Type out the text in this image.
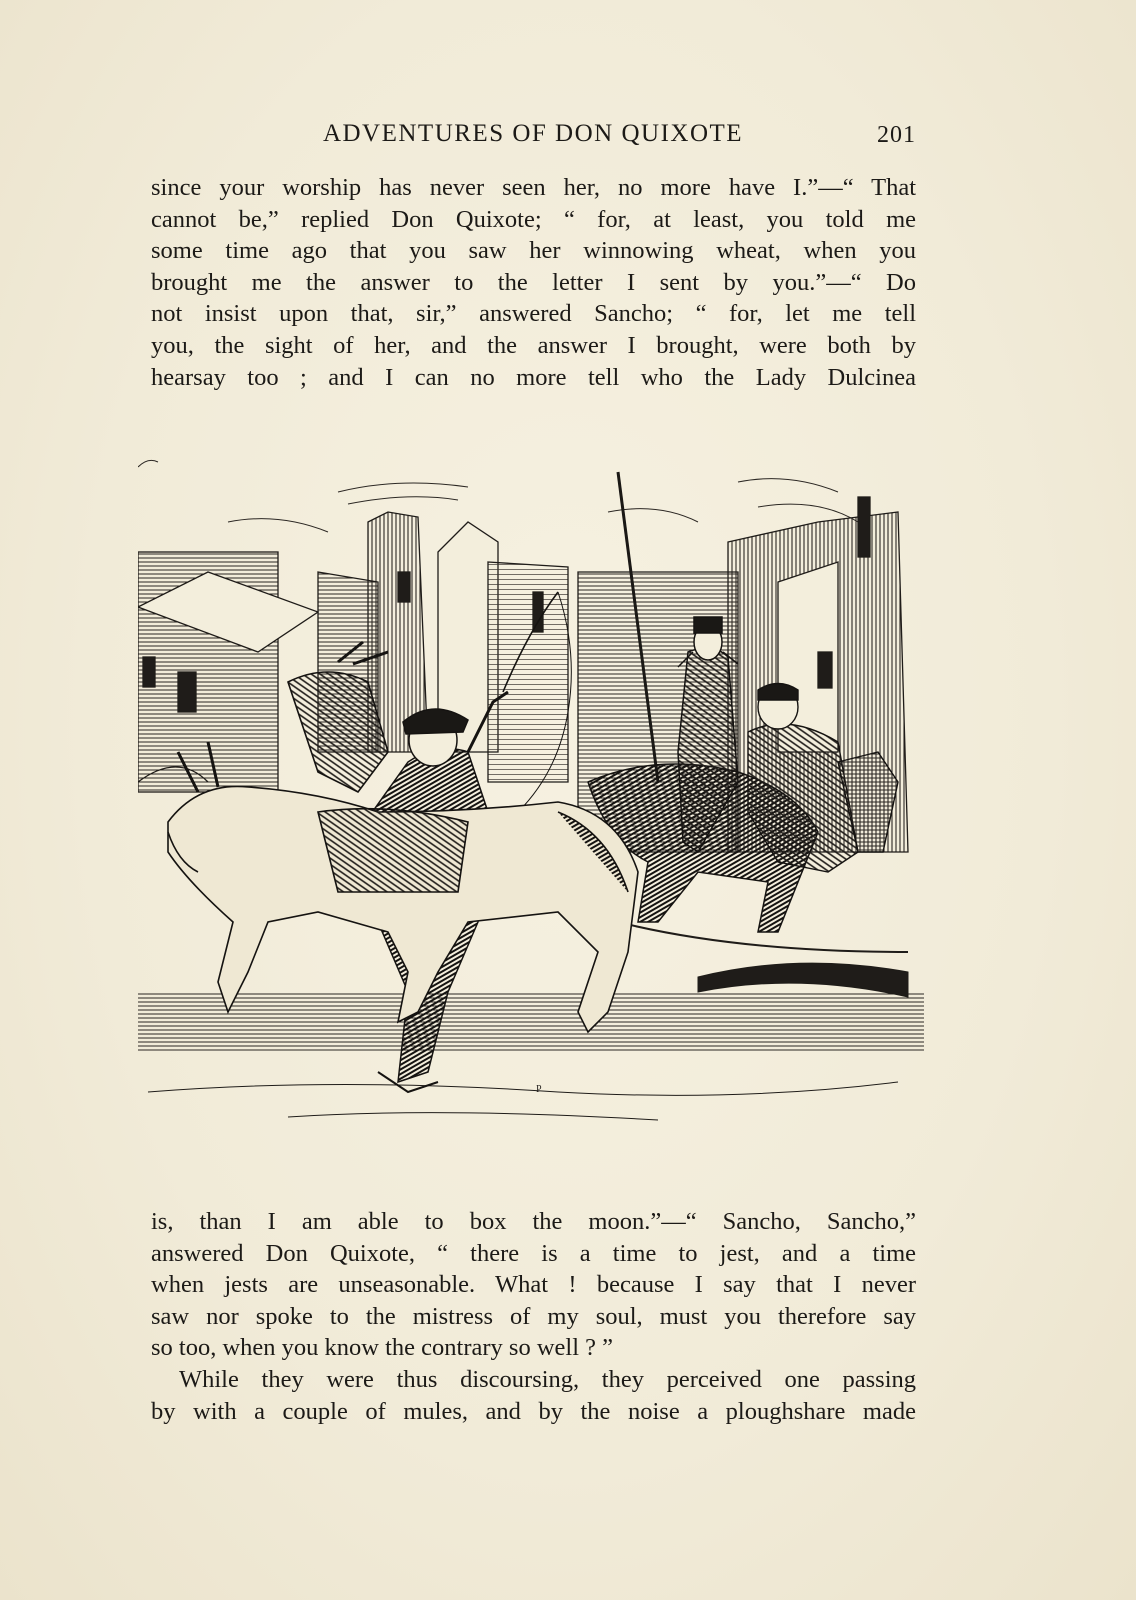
ADVENTURES OF DON QUIXOTE	201
since your worship has never seen her, no more have I.”—“ That
cannot be,” replied Don Quixote; “ for, at least, you told me
some time ago that you saw her winnowing wheat, when you
brought me the answer to the letter I sent by you.”—“ Do
not insist upon that, sir,” answered Sancho; “ for, let me tell
you, the sight of her, and the answer I brought, were both by
hearsay too ; and I can no more tell who the Lady Dulcinea
P
is, than I am able to box the moon.”—“ Sancho, Sancho,”
answered Don Quixote, “ there is a time to jest, and a time
when jests are unseasonable. What ! because I say that I never
saw nor spoke to the mistress of my soul, must you therefore say
so too, when you know the contrary so well ? ”
While they were thus discoursing, they perceived one passing
by with a couple of mules, and by the noise a ploughshare made
